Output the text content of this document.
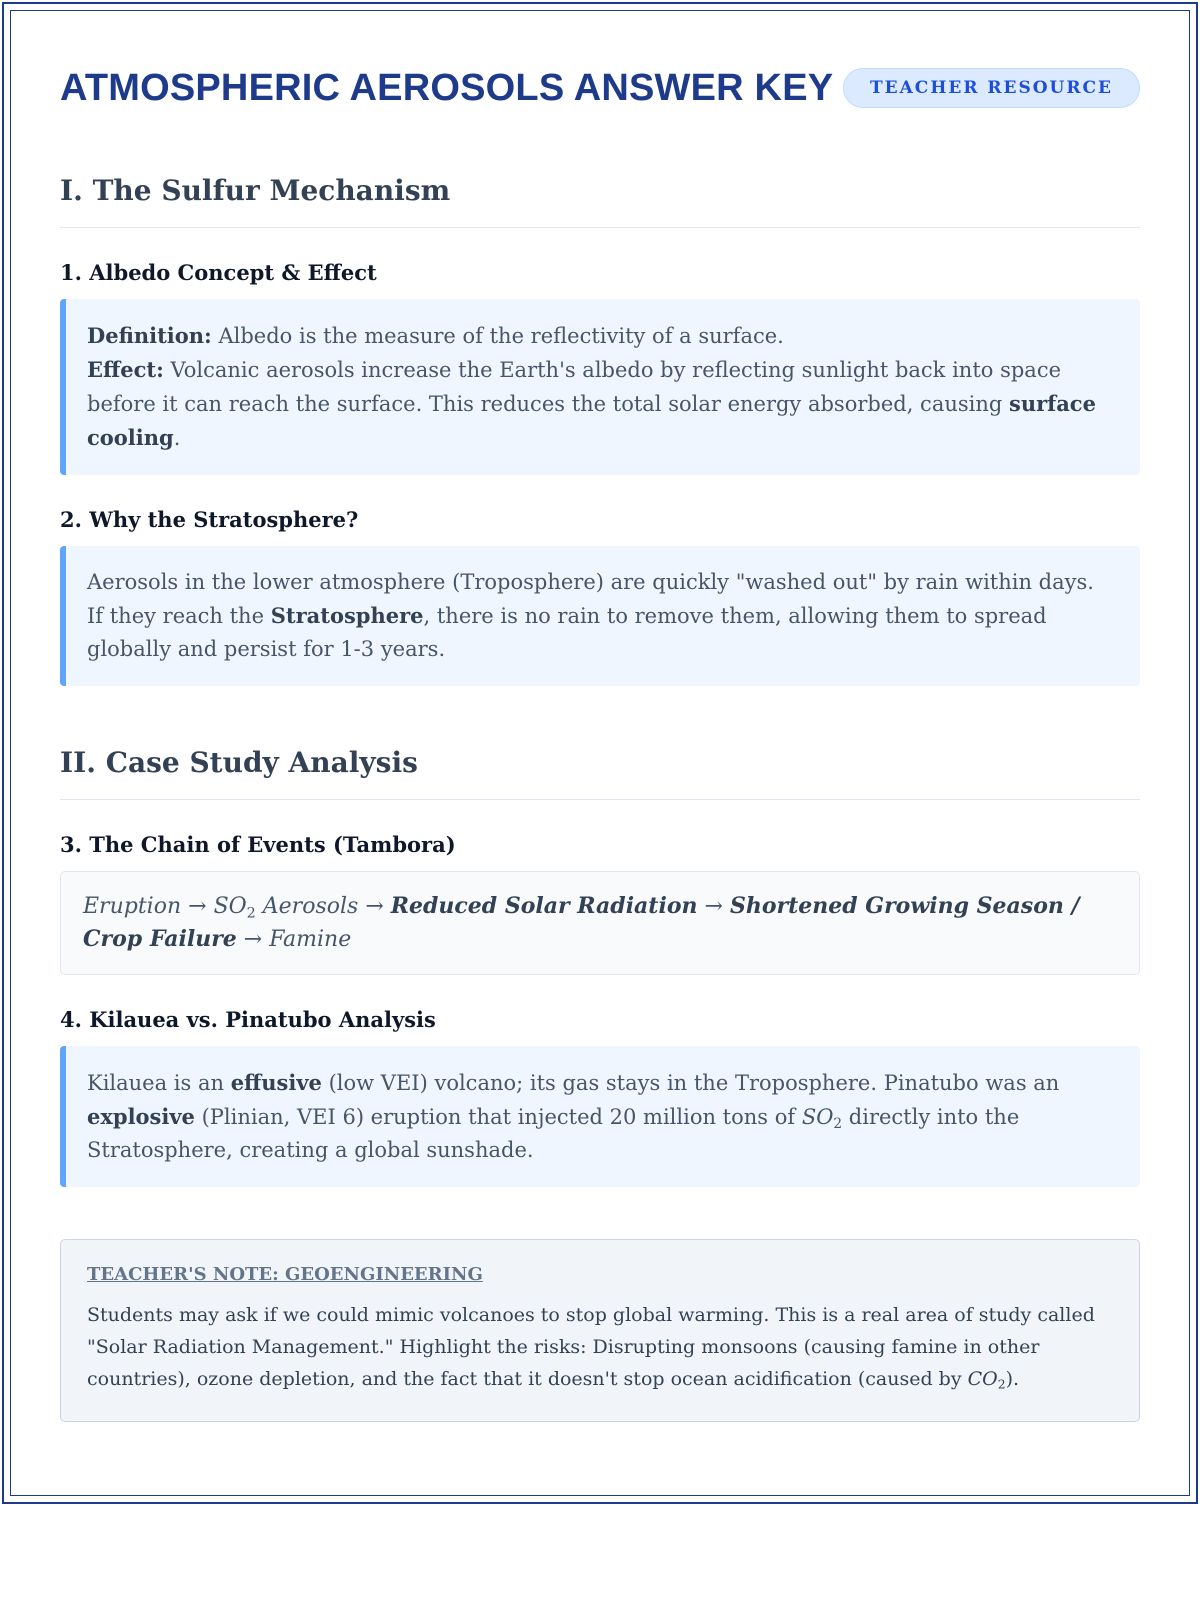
ATMOSPHERIC AEROSOLS ANSWER KEY	TEACHER RESOURCE
I. The Sulfur Mechanism
1. Albedo Concept & Effect
Definition: Albedo is the measure of the reflectivity of a surface.
Effect: Volcanic aerosols increase the Earth's albedo by reflecting sunlight back into space before it can reach the surface. This reduces the total solar energy absorbed, causing surface cooling.
2. Why the Stratosphere?
Aerosols in the lower atmosphere (Troposphere) are quickly "washed out" by rain within days. If they reach the Stratosphere, there is no rain to remove them, allowing them to spread globally and persist for 1-3 years.
II. Case Study Analysis
3. The Chain of Events (Tambora)
Eruption → $SO_2$ Aerosols → Reduced Solar Radiation → Shortened Growing Season / Crop Failure → Famine
4. Kilauea vs. Pinatubo Analysis
Kilauea is an effusive (low VEI) volcano; its gas stays in the Troposphere. Pinatubo was an explosive (Plinian, VEI 6) eruption that injected 20 million tons of $SO_2$ directly into the Stratosphere, creating a global sunshade.
TEACHER'S NOTE: GEOENGINEERING
Students may ask if we could mimic volcanoes to stop global warming. This is a real area of study called "Solar Radiation Management." Highlight the risks: Disrupting monsoons (causing famine in other countries), ozone depletion, and the fact that it doesn't stop ocean acidification (caused by $CO_2$).
